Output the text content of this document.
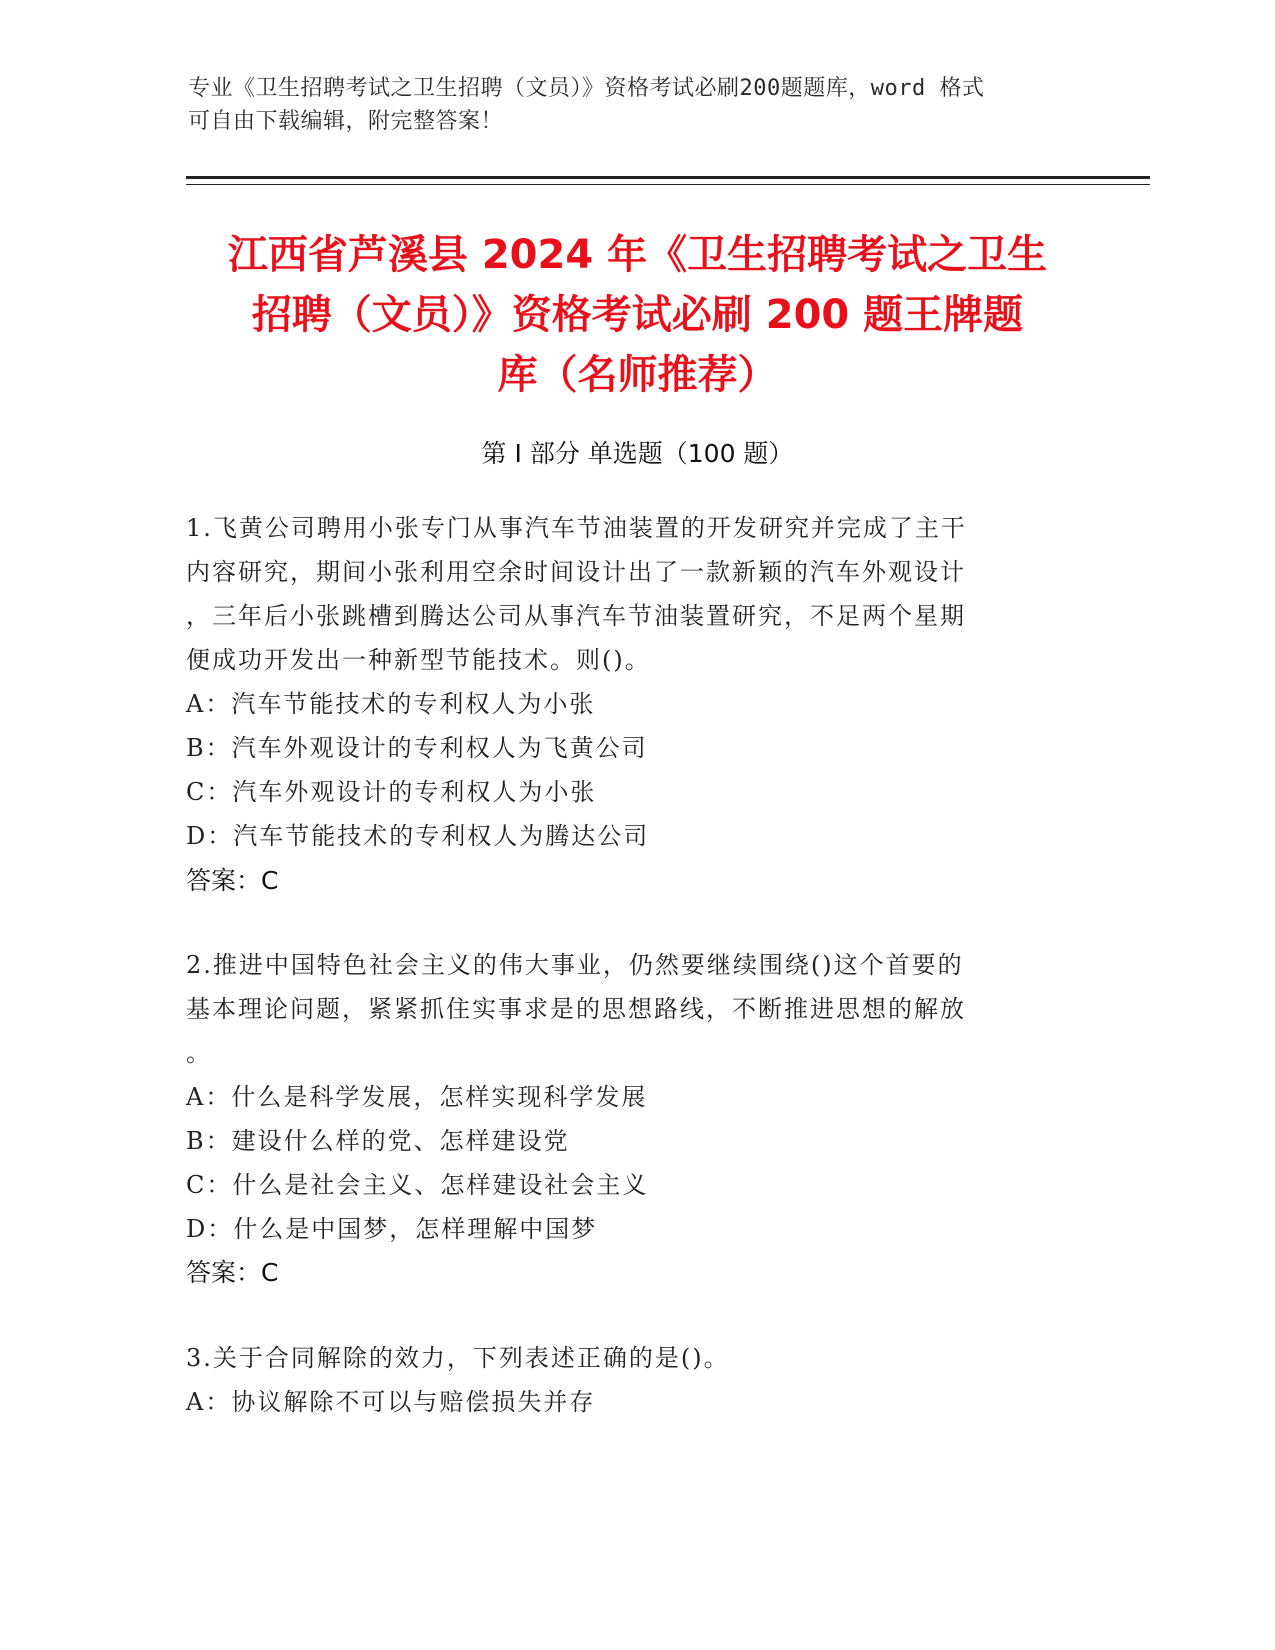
专业《卫生招聘考试之卫生招聘（文员）》资格考试必刷200题题库，word 格式
可自由下载编辑，附完整答案！
江西省芦溪县 2024 年《卫生招聘考试之卫生
招聘（文员）》资格考试必刷 200 题王牌题
库（名师推荐）
第 I 部分 单选题（100 题）
1.飞黄公司聘用小张专门从事汽车节油装置的开发研究并完成了主干
内容研究，期间小张利用空余时间设计出了一款新颖的汽车外观设计
，三年后小张跳槽到腾达公司从事汽车节油装置研究，不足两个星期
便成功开发出一种新型节能技术。则()。
A：汽车节能技术的专利权人为小张
B：汽车外观设计的专利权人为飞黄公司
C：汽车外观设计的专利权人为小张
D：汽车节能技术的专利权人为腾达公司
答案：C
2.推进中国特色社会主义的伟大事业，仍然要继续围绕()这个首要的
基本理论问题，紧紧抓住实事求是的思想路线，不断推进思想的解放
。
A：什么是科学发展，怎样实现科学发展
B：建设什么样的党、怎样建设党
C：什么是社会主义、怎样建设社会主义
D：什么是中国梦，怎样理解中国梦
答案：C
3.关于合同解除的效力，下列表述正确的是()。
A：协议解除不可以与赔偿损失并存
